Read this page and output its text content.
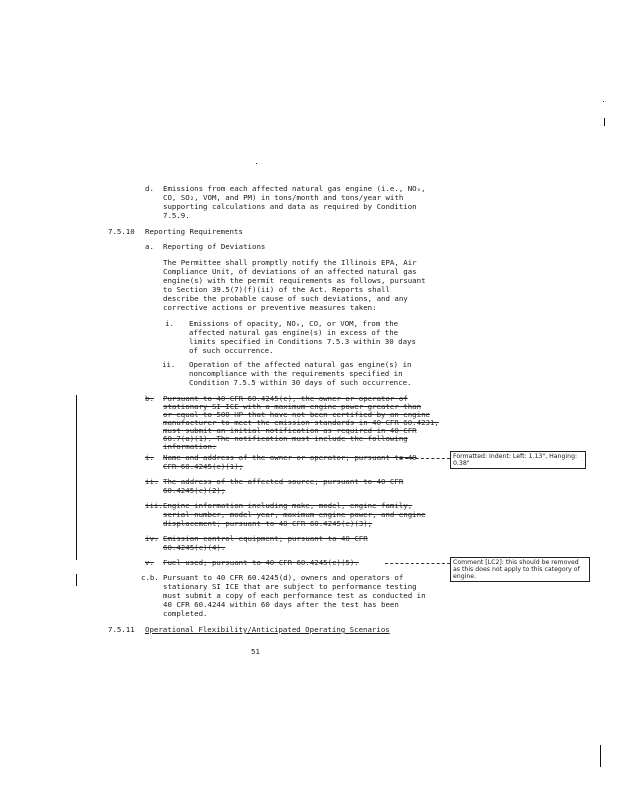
d. Emissions from each affected natural gas engine (i.e., NOₓ,
CO, SO₂, VOM, and PM) in tons/month and tons/year with
supporting calculations and data as required by Condition
7.5.9.
7.5.10 Reporting Requirements
a. Reporting of Deviations
The Permittee shall promptly notify the Illinois EPA, Air
Compliance Unit, of deviations of an affected natural gas
engine(s) with the permit requirements as follows, pursuant
to Section 39.5(7)(f)(ii) of the Act. Reports shall
describe the probable cause of such deviations, and any
corrective actions or preventive measures taken:
i. Emissions of opacity, NOₓ, CO, or VOM, from the
affected natural gas engine(s) in excess of the
limits specified in Conditions 7.5.3 within 30 days
of such occurrence.
ii. Operation of the affected natural gas engine(s) in
noncompliance with the requirements specified in
Condition 7.5.5 within 30 days of such occurrence.
b. Pursuant to 40 CFR 60.4245(c), the owner or operator of
stationary SI ICE with a maximum engine power greater than
or equal to 500 HP that have not been certified by an engine
manufacturer to meet the emission standards in 40 CFR 60.4231,
must submit an initial notification as required in 40 CFR
60.7(a)(1). The notification must include the following
information:
i. Name and address of the owner or operator; pursuant to 40
CFR 60.4245(c)(1);
ii. The address of the affected source; pursuant to 40 CFR
60.4245(c)(2);
iii. Engine information including make, model, engine family,
serial number, model year, maximum engine power, and engine
displacement; pursuant to 40 CFR 60.4245(c)(3);
iv. Emission control equipment; pursuant to 40 CFR
60.4245(c)(4).
v. Fuel used; pursuant to 40 CFR 60.4245(c)(5).
c.b. Pursuant to 40 CFR 60.4245(d), owners and operators of
stationary SI ICE that are subject to performance testing
must submit a copy of each performance test as conducted in
40 CFR 60.4244 within 60 days after the test has been
completed.
7.5.11 Operational Flexibility/Anticipated Operating Scenarios
51
Formatted: Indent: Left: 1.13", Hanging: 0.38"
Comment [LC2]: this should be removed as this does not apply to this category of engine.
